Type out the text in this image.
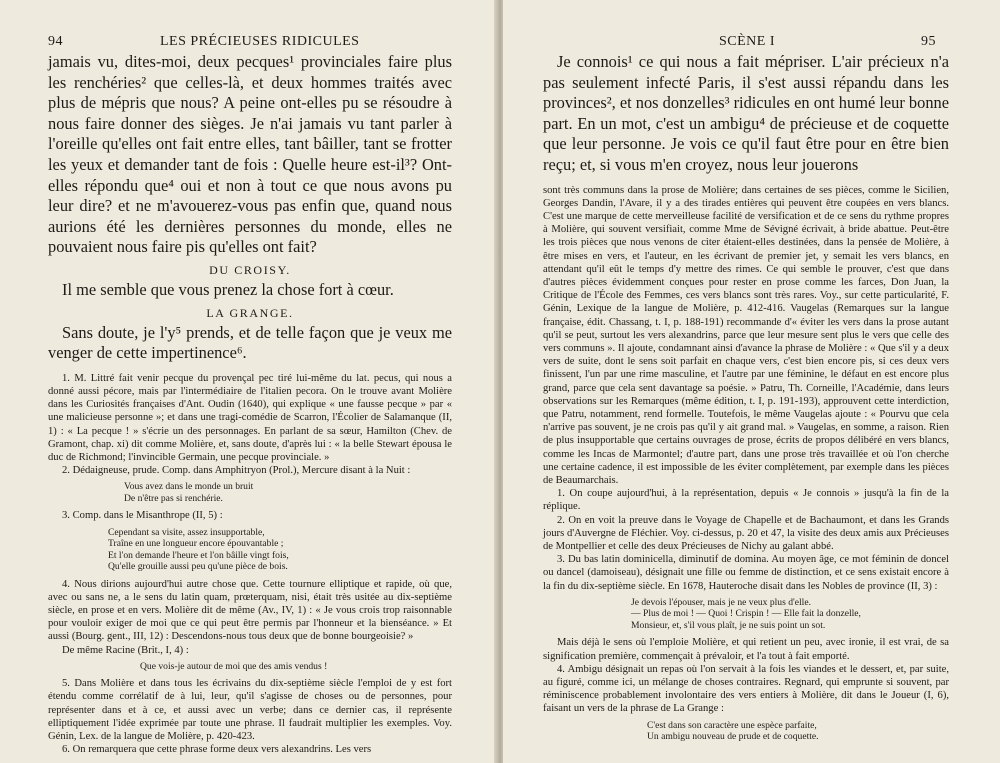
94	LES PRÉCIEUSES RIDICULES

jamais vu, dites-moi, deux pecques¹ provinciales faire plus les renchéries² que celles-là, et deux hommes traités avec plus de mépris que nous? A peine ont-elles pu se résoudre à nous faire donner des sièges. Je n'ai jamais vu tant parler à l'oreille qu'elles ont fait entre elles, tant bâiller, tant se frotter les yeux et demander tant de fois : Quelle heure est-il³? Ont-elles répondu que⁴ oui et non à tout ce que nous avons pu leur dire? et ne m'avouerez-vous pas enfin que, quand nous aurions été les dernières personnes du monde, elles ne pouvaient nous faire pis qu'elles ont fait?

DU CROISY.

Il me semble que vous prenez la chose fort à cœur.

LA GRANGE.

Sans doute, je l'y⁵ prends, et de telle façon que je veux me venger de cette impertinence⁶.

1. M. Littré fait venir pecque du provençal pec tiré lui-même du lat. pecus, qui nous a donné aussi pécore, mais par l'intermédiaire de l'italien pecora. On le trouve avant Molière dans les Curiosités françaises d'Ant. Oudin (1640), qui explique « une fausse pecque » par « une malicieuse personne »; et dans une tragi-comédie de Scarron, l'Écolier de Salamanque (II, 1) : « La pecque ! » s'écrie un des personnages. En parlant de sa sœur, Hamilton (Chev. de Gramont, chap. xi) dit comme Molière, et, sans doute, d'après lui : « la belle Stewart épousa le duc de Richmond; l'invincible Germain, une pecque provinciale. »

2. Dédaigneuse, prude. Comp. dans Amphitryon (Prol.), Mercure disant à la Nuit :

Vous avez dans le monde un bruit
De n'être pas si renchérie.

3. Comp. dans le Misanthrope (II, 5) :

Cependant sa visite, assez insupportable,
Traîne en une longueur encore épouvantable ;
Et l'on demande l'heure et l'on bâille vingt fois,
Qu'elle grouille aussi peu qu'une pièce de bois.

4. Nous dirions aujourd'hui autre chose que. Cette tournure elliptique et rapide, où que, avec ou sans ne, a le sens du latin quam, prœterquam, nisi, était très usitée au dix-septième siècle, en prose et en vers. Molière dit de même (Av., IV, 1) : « Je vous crois trop raisonnable pour vouloir exiger de moi que ce qui peut être permis par l'honneur et la bienséance. » Et aussi (Bourg. gent., III, 12) : Descendons-nous tous deux que de bonne bourgeoisie? »

De même Racine (Brit., I, 4) :

Que vois-je autour de moi que des amis vendus !

5. Dans Molière et dans tous les écrivains du dix-septième siècle l'emploi de y est fort étendu comme corrélatif de à lui, leur, qu'il s'agisse de choses ou de personnes, pour représenter dans et à ce, et aussi avec un verbe; dans ce dernier cas, il représente elliptiquement l'idée exprimée par toute une phrase. Il faudrait multiplier les exemples. Voy. Génin, Lex. de la langue de Molière, p. 420-423.

6. On remarquera que cette phrase forme deux vers alexandrins. Les vers

SCÈNE I	95

Je connois¹ ce qui nous a fait mépriser. L'air précieux n'a pas seulement infecté Paris, il s'est aussi répandu dans les provinces², et nos donzelles³ ridicules en ont humé leur bonne part. En un mot, c'est un ambigu⁴ de précieuse et de coquette que leur personne. Je vois ce qu'il faut être pour en être bien reçu; et, si vous m'en croyez, nous leur jouerons

sont très communs dans la prose de Molière; dans certaines de ses pièces, comme le Sicilien, Georges Dandin, l'Avare, il y a des tirades entières qui peuvent être coupées en vers blancs. C'est une marque de cette merveilleuse facilité de versification et de ce sens du rythme propres à Molière, qui souvent versifiait, comme Mme de Sévigné écrivait, à bride abattue. Peut-être les trois pièces que nous venons de citer étaient-elles destinées, dans la pensée de Molière, à être mises en vers, et l'auteur, en les écrivant de premier jet, y semait les vers blancs, en attendant qu'il eût le temps d'y mettre des rimes. Ce qui semble le prouver, c'est que dans d'autres pièces évidemment conçues pour rester en prose comme les farces, Don Juan, la Critique de l'École des Femmes, ces vers blancs sont très rares. Voy., sur cette particularité, F. Génin, Lexique de la langue de Molière, p. 412-416. Vaugelas (Remarques sur la langue française, édit. Chassang, t. I, p. 188-191) recommande d'« éviter les vers dans la prose autant qu'il se peut, surtout les vers alexandrins, parce que leur mesure sent plus le vers que celle des vers communs ». Il ajoute, condamnant ainsi d'avance la phrase de Molière : « Que s'il y a deux vers de suite, dont le sens soit parfait en chaque vers, c'est bien encore pis, si ces deux vers finissent, l'un par une rime masculine, et l'autre par une féminine, le défaut en est encore plus grand, parce que cela sent davantage sa poésie. » Patru, Th. Corneille, l'Académie, dans leurs observations sur les Remarques (même édition, t. I, p. 191-193), approuvent cette interdiction, que Patru, notamment, rend formelle. Toutefois, le même Vaugelas ajoute : « Pourvu que cela n'arrive pas souvent, je ne crois pas qu'il y ait grand mal. » Vaugelas, en somme, a raison. Rien de plus insupportable que certains ouvrages de prose, écrits de propos délibéré en vers blancs, comme les Incas de Marmontel; d'autre part, dans une prose très travaillée et où l'on cherche une certaine cadence, il est impossible de les éviter complètement, par exemple dans les pièces de Beaumarchais.

1. On coupe aujourd'hui, à la représentation, depuis « Je connois » jusqu'à la fin de la réplique.

2. On en voit la preuve dans le Voyage de Chapelle et de Bachaumont, et dans les Grands jours d'Auvergne de Fléchier. Voy. ci-dessus, p. 20 et 47, la visite des deux amis aux Précieuses de Montpellier et celle des deux Précieuses de Nichy au galant abbé.

3. Du bas latin dominicella, diminutif de domina. Au moyen âge, ce mot féminin de doncel ou dancel (damoiseau), désignait une fille ou femme de distinction, et ce sens existait encore à la fin du dix-septième siècle. En 1678, Hauteroche disait dans les Nobles de province (II, 3) :

Je devois l'épouser, mais je ne veux plus d'elle.
— Plus de moi ! — Quoi ! Crispin ! — Elle fait la donzelle,
Monsieur, et, s'il vous plaît, je ne suis point un sot.

Mais déjà le sens où l'emploie Molière, et qui retient un peu, avec ironie, il est vrai, de sa signification première, commençait à prévaloir, et l'a tout à fait emporté.

4. Ambigu désignait un repas où l'on servait à la fois les viandes et le dessert, et, par suite, au figuré, comme ici, un mélange de choses contraires. Regnard, qui emprunte si souvent, par réminiscence probablement involontaire des vers entiers à Molière, dit dans le Joueur (I, 6), faisant un vers de la phrase de La Grange :

C'est dans son caractère une espèce parfaite,
Un ambigu nouveau de prude et de coquette.
